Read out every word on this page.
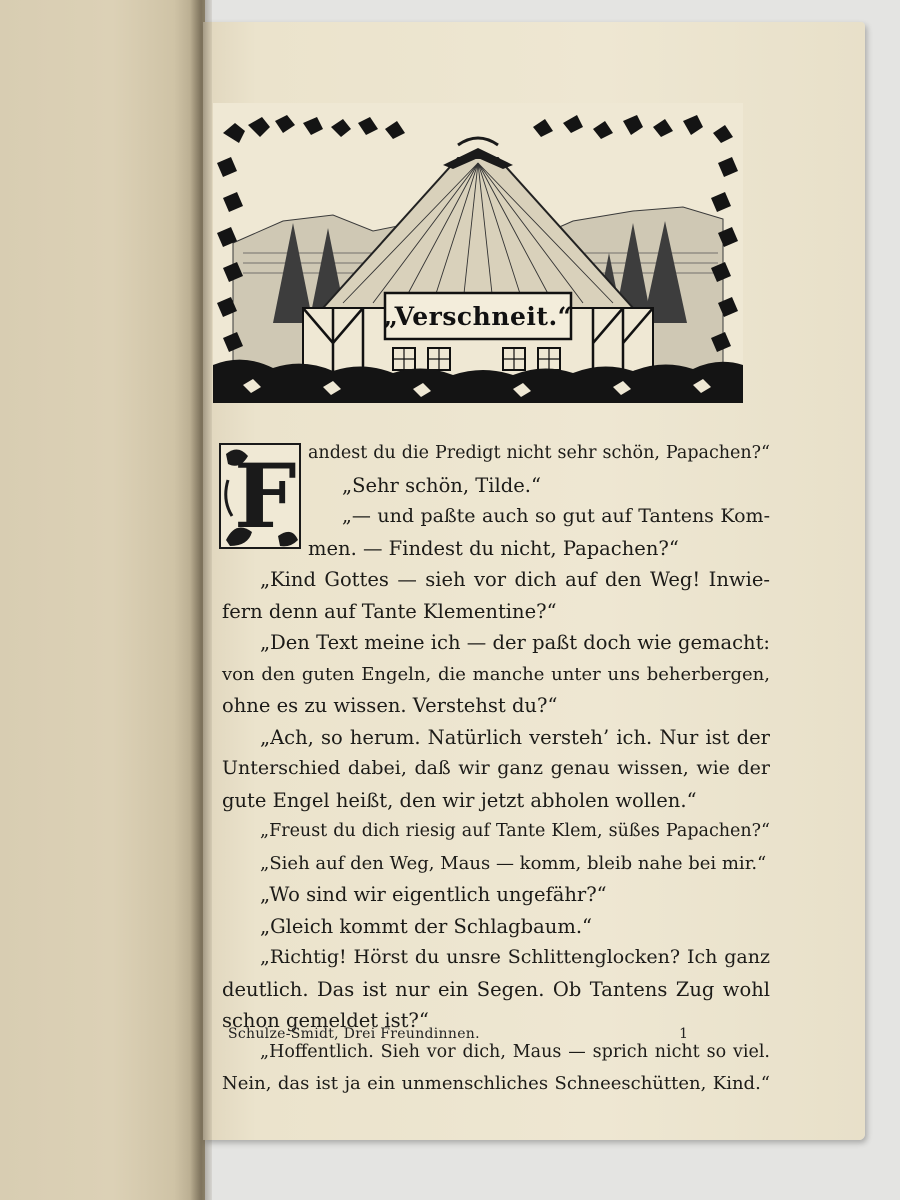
„Verschneit.“
F andest du die Predigt nicht sehr schön, Papachen?“
„Sehr schön, Tilde.“
„— und paßte auch so gut auf Tantens Kom-
men. — Findest du nicht, Papachen?“
„Kind Gottes — sieh vor dich auf den Weg! Inwie-
fern denn auf Tante Klementine?“
„Den Text meine ich — der paßt doch wie gemacht:
von den guten Engeln, die manche unter uns beherbergen,
ohne es zu wissen. Verstehst du?“
„Ach, so herum. Natürlich versteh’ ich. Nur ist der
Unterschied dabei, daß wir ganz genau wissen, wie der
gute Engel heißt, den wir jetzt abholen wollen.“
„Freust du dich riesig auf Tante Klem, süßes Papachen?“
„Sieh auf den Weg, Maus — komm, bleib nahe bei mir.“
„Wo sind wir eigentlich ungefähr?“
„Gleich kommt der Schlagbaum.“
„Richtig! Hörst du unsre Schlittenglocken? Ich ganz
deutlich. Das ist nur ein Segen. Ob Tantens Zug wohl
schon gemeldet ist?“
„Hoffentlich. Sieh vor dich, Maus — sprich nicht so viel.
Nein, das ist ja ein unmenschliches Schneeschütten, Kind.“
Schulze-Smidt, Drei Freundinnen.	1
